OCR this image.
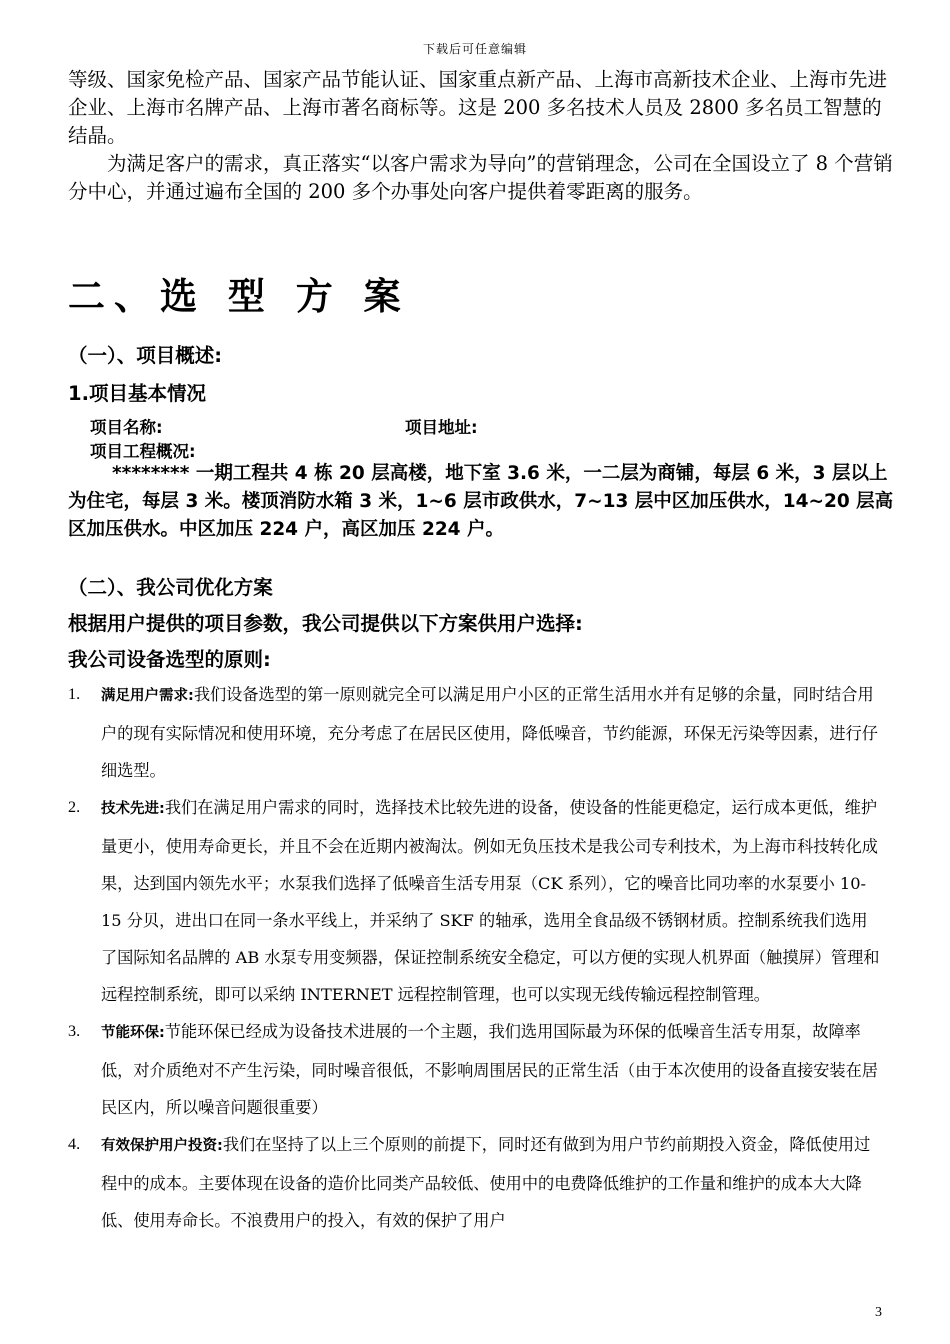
下载后可任意编辑

等级、国家免检产品、国家产品节能认证、国家重点新产品、上海市高新技术企业、上海市先进企业、上海市名牌产品、上海市著名商标等。这是 200 多名技术人员及 2800 多名员工智慧的结晶。

为满足客户的需求，真正落实“以客户需求为导向”的营销理念，公司在全国设立了 8 个营销分中心，并通过遍布全国的 200 多个办事处向客户提供着零距离的服务。

二、选 型 方 案
（一）、项目概述:
1.项目基本情况
项目名称:	项目地址:
项目工程概况:

******** 一期工程共 4 栋 20 层高楼，地下室 3.6 米，一二层为商铺，每层 6 米，3 层以上为住宅，每层 3 米。楼顶消防水箱 3 米，1~6 层市政供水，7~13 层中区加压供水，14~20 层高区加压供水。中区加压 224 户，高区加压 224 户。

（二）、我公司优化方案
根据用户提供的项目参数，我公司提供以下方案供用户选择:
我公司设备选型的原则:
1. 满足用户需求:我们设备选型的第一原则就完全可以满足用户小区的正常生活用水并有足够的余量，同时结合用户的现有实际情况和使用环境，充分考虑了在居民区使用，降低噪音，节约能源，环保无污染等因素，进行仔细选型。
2. 技术先进:我们在满足用户需求的同时，选择技术比较先进的设备，使设备的性能更稳定，运行成本更低，维护量更小，使用寿命更长，并且不会在近期内被淘汰。例如无负压技术是我公司专利技术，为上海市科技转化成果，达到国内领先水平；水泵我们选择了低噪音生活专用泵（CK 系列），它的噪音比同功率的水泵要小 10-15 分贝，进出口在同一条水平线上，并采纳了 SKF 的轴承，选用全食品级不锈钢材质。控制系统我们选用了国际知名品牌的 AB 水泵专用变频器，保证控制系统安全稳定，可以方便的实现人机界面（触摸屏）管理和远程控制系统，即可以采纳 INTERNET 远程控制管理，也可以实现无线传输远程控制管理。
3. 节能环保:节能环保已经成为设备技术进展的一个主题，我们选用国际最为环保的低噪音生活专用泵，故障率低，对介质绝对不产生污染，同时噪音很低，不影响周围居民的正常生活（由于本次使用的设备直接安装在居民区内，所以噪音问题很重要）
4. 有效保护用户投资:我们在坚持了以上三个原则的前提下，同时还有做到为用户节约前期投入资金，降低使用过程中的成本。主要体现在设备的造价比同类产品较低、使用中的电费降低维护的工作量和维护的成本大大降低、使用寿命长。不浪费用户的投入，有效的保护了用户
3
